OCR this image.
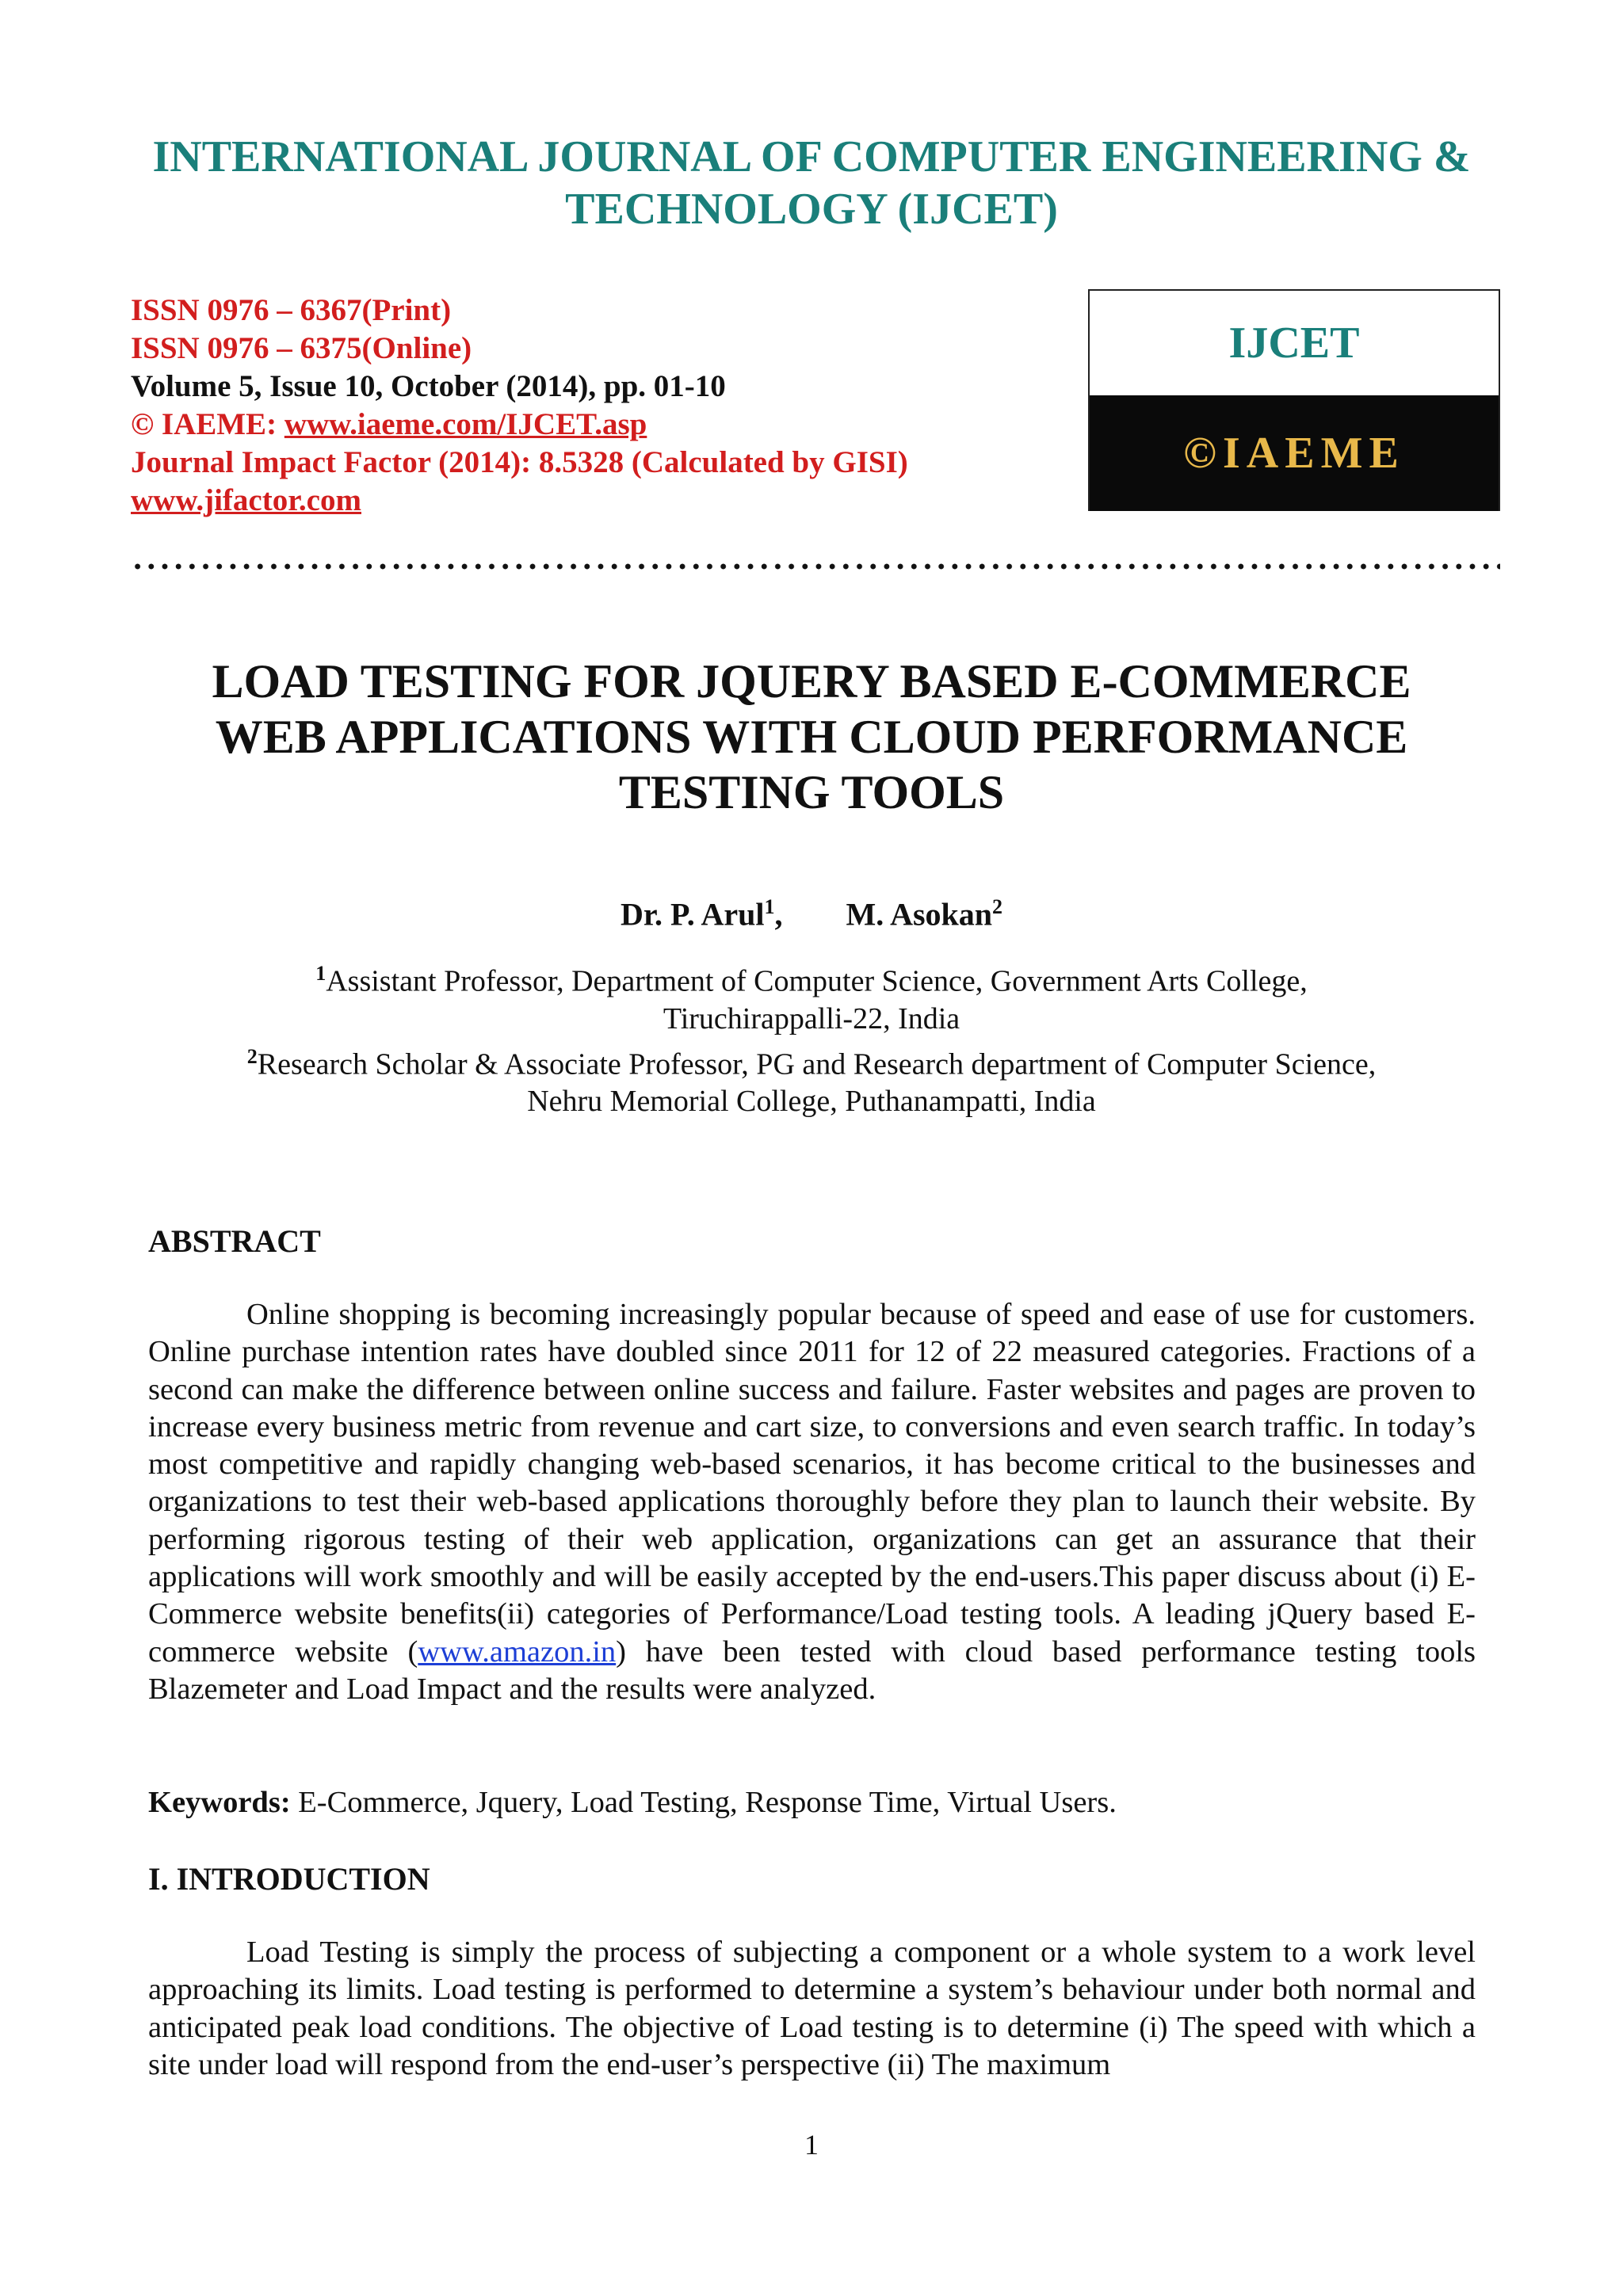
INTERNATIONAL JOURNAL OF COMPUTER ENGINEERING &
TECHNOLOGY (IJCET)
ISSN 0976 – 6367(Print)
ISSN 0976 – 6375(Online)
Volume 5, Issue 10, October (2014), pp. 01-10
© IAEME: www.iaeme.com/IJCET.asp
Journal Impact Factor (2014): 8.5328 (Calculated by GISI)
www.jifactor.com
IJCET
©IAEME
LOAD TESTING FOR JQUERY BASED E-COMMERCE
WEB APPLICATIONS WITH CLOUD PERFORMANCE
TESTING TOOLS
Dr. P. Arul$^1$, M. Asokan$^2$
$^1$Assistant Professor, Department of Computer Science, Government Arts College,
Tiruchirappalli-22, India
$^2$Research Scholar & Associate Professor, PG and Research department of Computer Science,
Nehru Memorial College, Puthanampatti, India
ABSTRACT
Online shopping is becoming increasingly popular because of speed and ease of use for customers. Online purchase intention rates have doubled since 2011 for 12 of 22 measured categories. Fractions of a second can make the difference between online success and failure. Faster websites and pages are proven to increase every business metric from revenue and cart size, to conversions and even search traffic. In today’s most competitive and rapidly changing web-based scenarios, it has become critical to the businesses and organizations to test their web-based applications thoroughly before they plan to launch their website. By performing rigorous testing of their web application, organizations can get an assurance that their applications will work smoothly and will be easily accepted by the end-users.This paper discuss about (i) E-Commerce website benefits(ii) categories of Performance/Load testing tools. A leading jQuery based E-commerce website (www.amazon.in) have been tested with cloud based performance testing tools Blazemeter and Load Impact and the results were analyzed.
Keywords: E-Commerce, Jquery, Load Testing, Response Time, Virtual Users.
I. INTRODUCTION
Load Testing is simply the process of subjecting a component or a whole system to a work level approaching its limits. Load testing is performed to determine a system’s behaviour under both normal and anticipated peak load conditions. The objective of Load testing is to determine (i) The speed with which a site under load will respond from the end-user’s perspective (ii) The maximum
1
